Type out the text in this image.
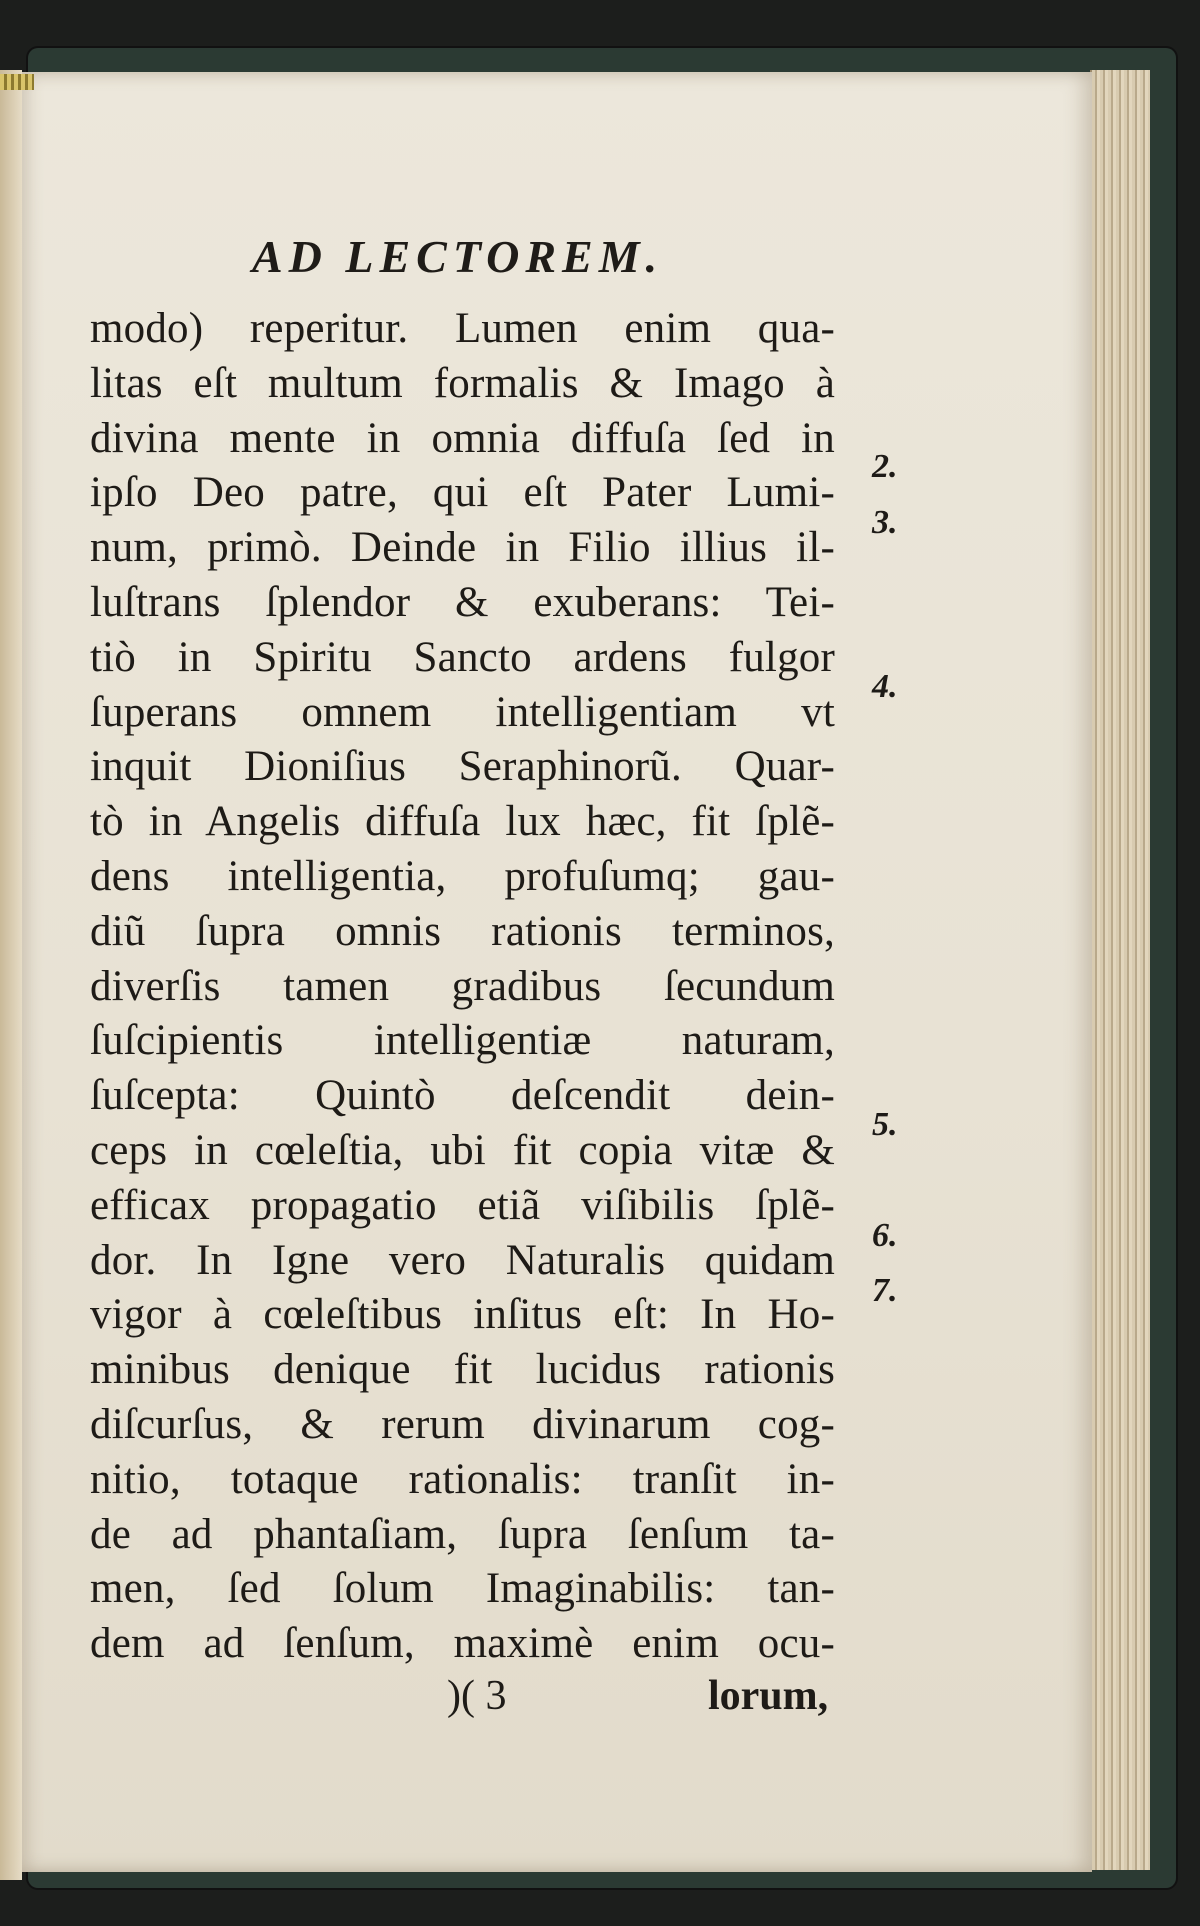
AD LECTOREM.
modo) reperitur. Lumen enim qua-
litas eſt multum formalis & Imago à
divina mente in omnia diffuſa ſed in
ipſo Deo patre, qui eſt Pater Lumi-
num, primò. Deinde in Filio illius il-
luſtrans ſplendor & exuberans: Tei-
tiò in Spiritu Sancto ardens fulgor
ſuperans omnem intelligentiam vt
inquit Dioniſius Seraphinorũ. Quar-
tò in Angelis diffuſa lux hæc, fit ſplẽ-
dens intelligentia, profuſumq; gau-
diũ ſupra omnis rationis terminos,
diverſis tamen gradibus ſecundum
ſuſcipientis intelligentiæ naturam,
ſuſcepta: Quintò deſcendit dein-
ceps in cœleſtia, ubi fit copia vitæ &
efficax propagatio etiã viſibilis ſplẽ-
dor. In Igne vero Naturalis quidam
vigor à cœleſtibus inſitus eſt: In Ho-
minibus denique fit lucidus rationis
diſcurſus, & rerum divinarum cog-
nitio, totaque rationalis: tranſit in-
de ad phantaſiam, ſupra ſenſum ta-
men, ſed ſolum Imaginabilis: tan-
dem ad ſenſum, maximè enim ocu-
2.
3.
4.
5.
6.
7.
)( 3	lorum,
